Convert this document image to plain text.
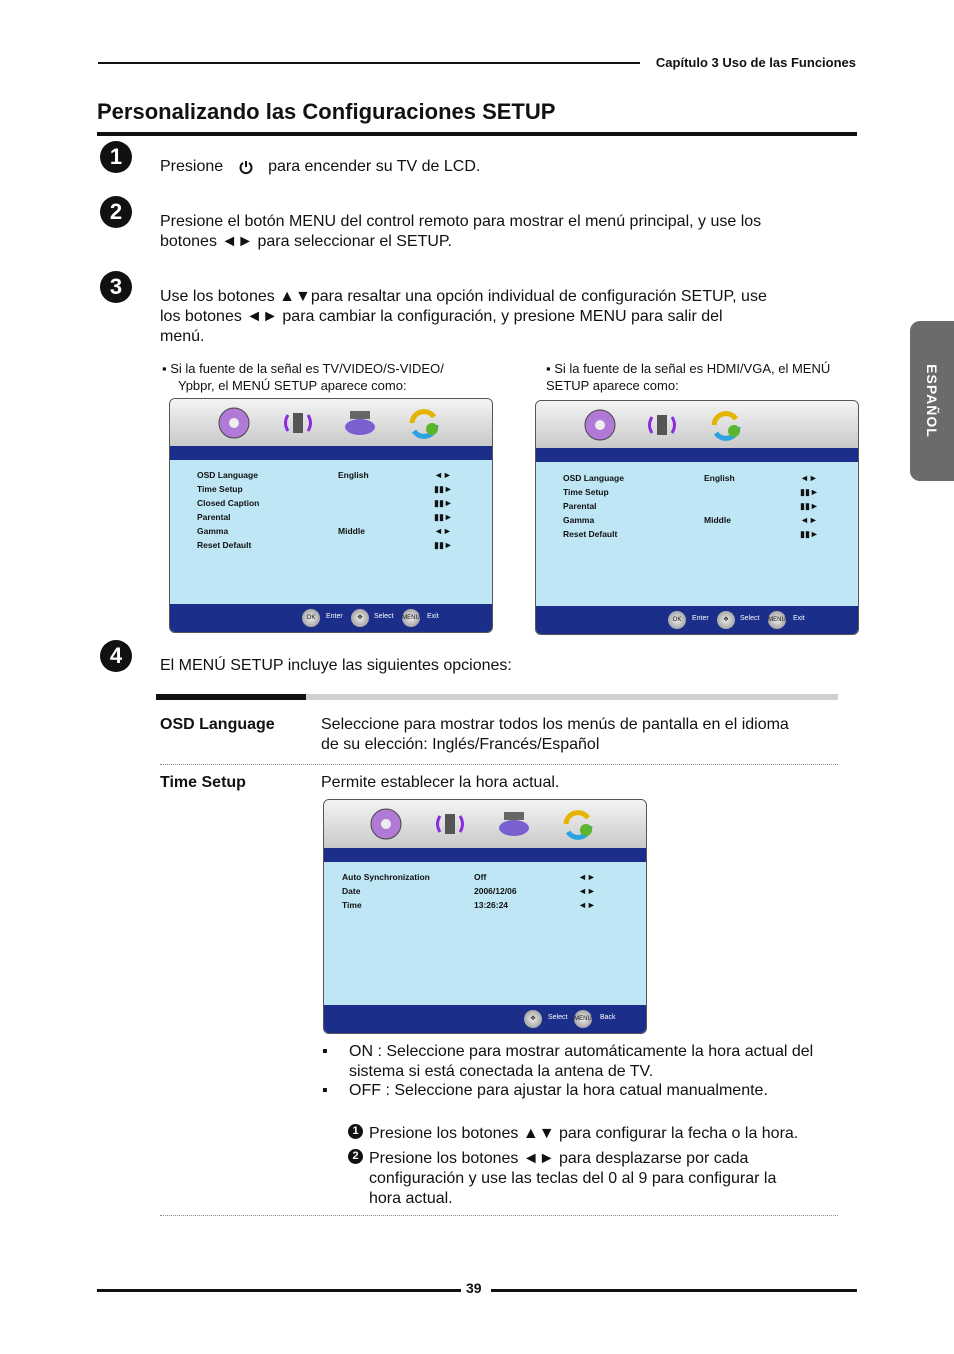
Capítulo 3 Uso de las Funciones
Personalizando las Configuraciones SETUP
ESPAÑOL
1	Presione	para encender su TV de LCD.
2	Presione el botón MENU del control remoto para mostrar el menú principal, y use los
botones ◄► para seleccionar el SETUP.
3	Use los botones ▲▼para resaltar una opción individual de configuración SETUP, use
los botones ◄► para cambiar la configuración, y presione MENU para salir del
menú.
▪ Si la fuente de la señal es TV/VIDEO/S-VIDEO/
Ypbpr, el MENÚ SETUP aparece como:
▪ Si la fuente de la señal es HDMI/VGA, el MENÚ
SETUP aparece como:
OSD Language	English	◄►
Time Setup	▮▮►
Closed Caption	▮▮►
Parental	▮▮►
Gamma	Middle	◄►
Reset Default	▮▮►
OK	Enter	✥	Select MENU Exit
OSD Language	English	◄►
Time Setup	▮▮►
Parental	▮▮►
Gamma	Middle	◄►
Reset Default	▮▮►
OK	Enter	✥	Select MENU Exit
4	El MENÚ SETUP incluye las siguientes opciones:
OSD Language	Seleccione para mostrar todos los menús de pantalla en el idioma
de su elección: Inglés/Francés/Español
Time Setup	Permite establecer la hora actual.
Auto Synchronization	Off	◄►
Date	2006/12/06	◄►
Time	13:26:24	◄►
✥	Select MENU Back
▪ ON : Seleccione para mostrar automáticamente la hora actual del
sistema si está conectada la antena de TV.
▪ OFF : Seleccione para ajustar la hora catual manualmente.
1 Presione los botones ▲▼ para configurar la fecha o la hora.
2 Presione los botones ◄► para desplazarse por cada
configuración y use las teclas del 0 al 9 para configurar la
hora actual.
39
